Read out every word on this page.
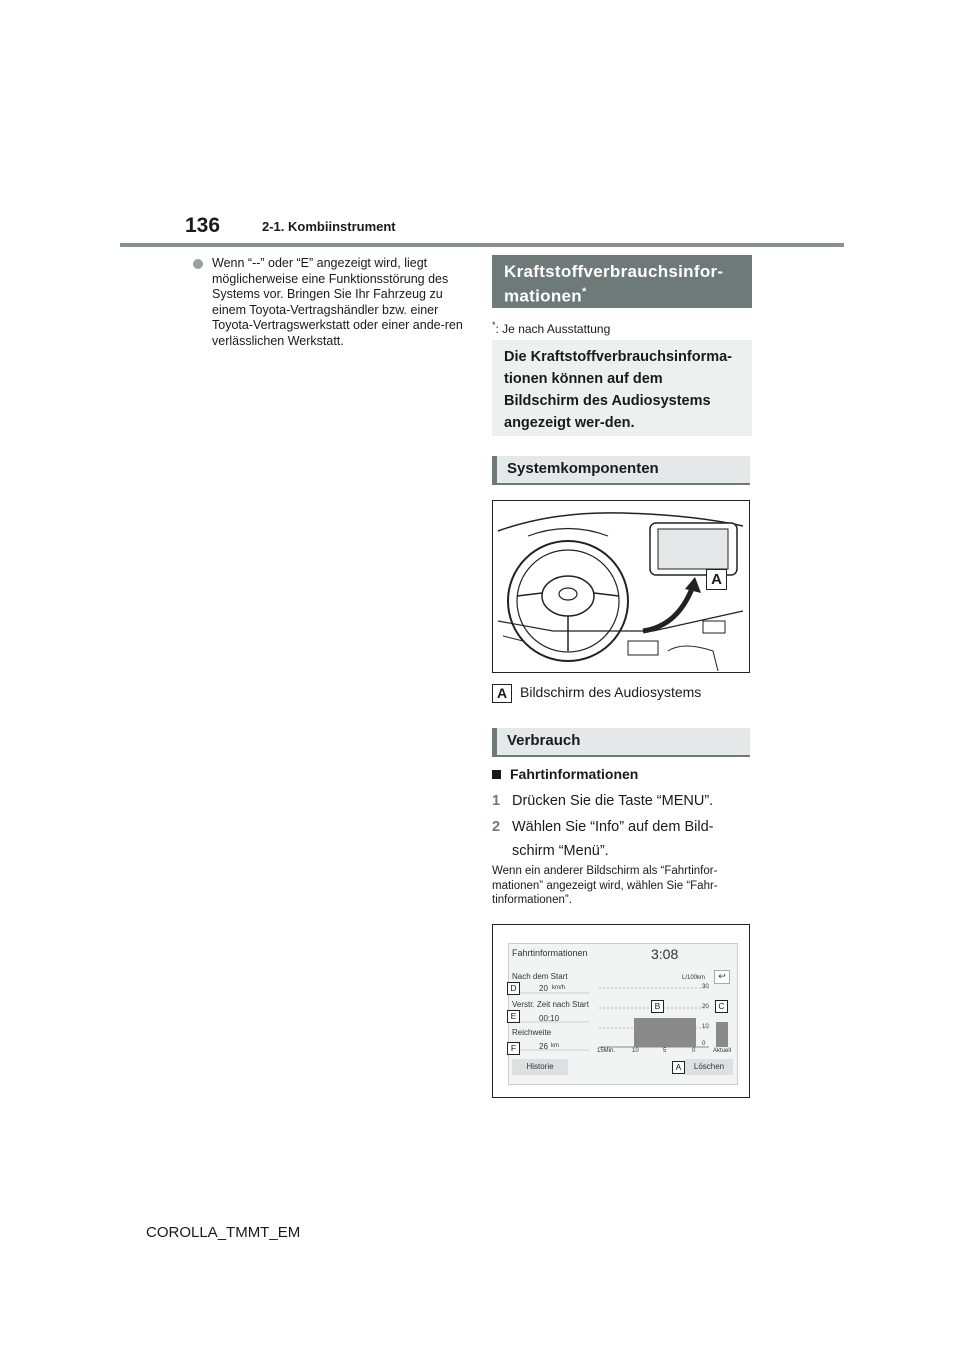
136	2-1. Kombiinstrument
Wenn “--” oder “E” angezeigt wird, liegt möglicherweise eine Funktionsstörung des Systems vor. Bringen Sie Ihr Fahrzeug zu einem Toyota-Vertragshändler bzw. einer Toyota-Vertragswerkstatt oder einer ande-ren verlässlichen Werkstatt.
Kraftstoffverbrauchsinfor-
mationen*
*: Je nach Ausstattung
Die Kraftstoffverbrauchsinforma-tionen können auf dem Bildschirm des Audiosystems angezeigt wer-den.
Systemkomponenten
A
A Bildschirm des Audiosystems
Verbrauch
Fahrtinformationen
1 Drücken Sie die Taste “MENU”.
2 Wählen Sie “Info” auf dem Bild-schirm “Menü”.
Wenn ein anderer Bildschirm als “Fahrtinfor-mationen” angezeigt wird, wählen Sie “Fahr-tinformationen”.
Fahrtinformationen	3:08
Nach dem Start
20 km/h
Verstr. Zeit nach Start
00:10
Reichweite
26 km
L/100km	↩
30
20
10
0
15Min.	10	5	0	Aktuell
Historie	Löschen
D
E
F
B	C
A
COROLLA_TMMT_EM
